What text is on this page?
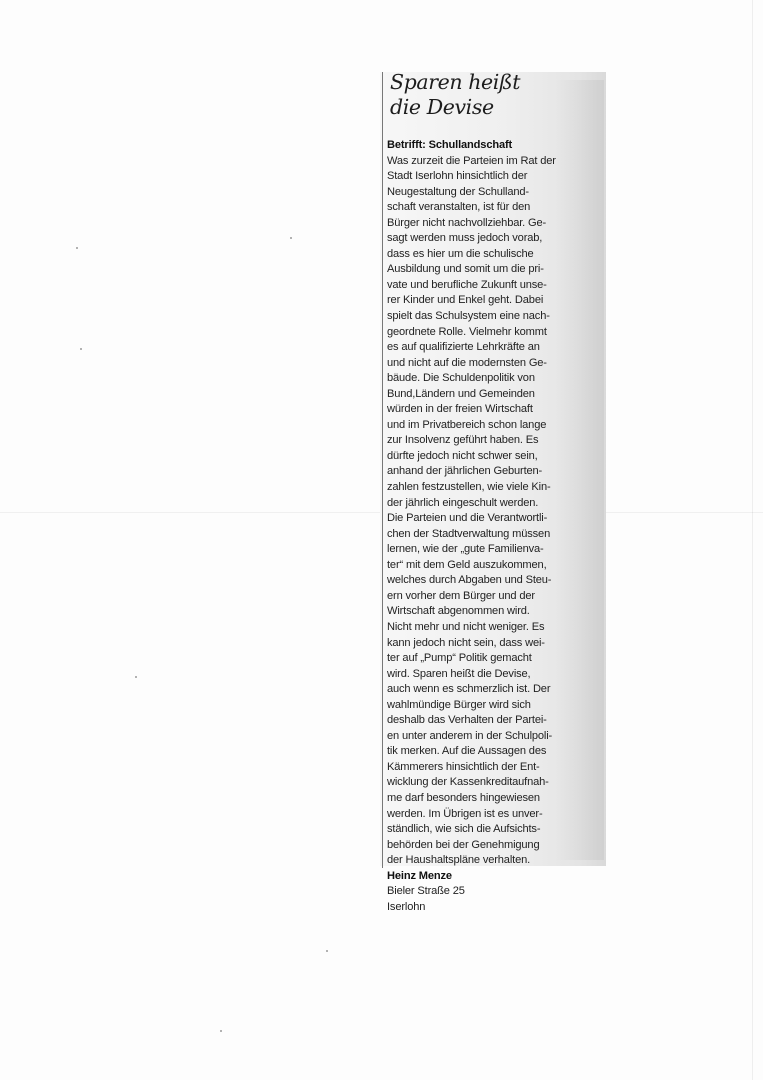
Sparen heißt
die Devise
Betrifft: Schullandschaft
Was zurzeit die Parteien im Rat der
Stadt Iserlohn hinsichtlich der
Neugestaltung der Schulland-
schaft veranstalten, ist für den
Bürger nicht nachvollziehbar. Ge-
sagt werden muss jedoch vorab,
dass es hier um die schulische
Ausbildung und somit um die pri-
vate und berufliche Zukunft unse-
rer Kinder und Enkel geht. Dabei
spielt das Schulsystem eine nach-
geordnete Rolle. Vielmehr kommt
es auf qualifizierte Lehrkräfte an
und nicht auf die modernsten Ge-
bäude. Die Schuldenpolitik von
Bund,Ländern und Gemeinden
würden in der freien Wirtschaft
und im Privatbereich schon lange
zur Insolvenz geführt haben. Es
dürfte jedoch nicht schwer sein,
anhand der jährlichen Geburten-
zahlen festzustellen, wie viele Kin-
der jährlich eingeschult werden.
Die Parteien und die Verantwortli-
chen der Stadtverwaltung müssen
lernen, wie der „gute Familienva-
ter“ mit dem Geld auszukommen,
welches durch Abgaben und Steu-
ern vorher dem Bürger und der
Wirtschaft abgenommen wird.
Nicht mehr und nicht weniger. Es
kann jedoch nicht sein, dass wei-
ter auf „Pump“ Politik gemacht
wird. Sparen heißt die Devise,
auch wenn es schmerzlich ist. Der
wahlmündige Bürger wird sich
deshalb das Verhalten der Partei-
en unter anderem in der Schulpoli-
tik merken. Auf die Aussagen des
Kämmerers hinsichtlich der Ent-
wicklung der Kassenkreditaufnah-
me darf besonders hingewiesen
werden. Im Übrigen ist es unver-
ständlich, wie sich die Aufsichts-
behörden bei der Genehmigung
der Haushaltspläne verhalten.
Heinz Menze
Bieler Straße 25
Iserlohn
